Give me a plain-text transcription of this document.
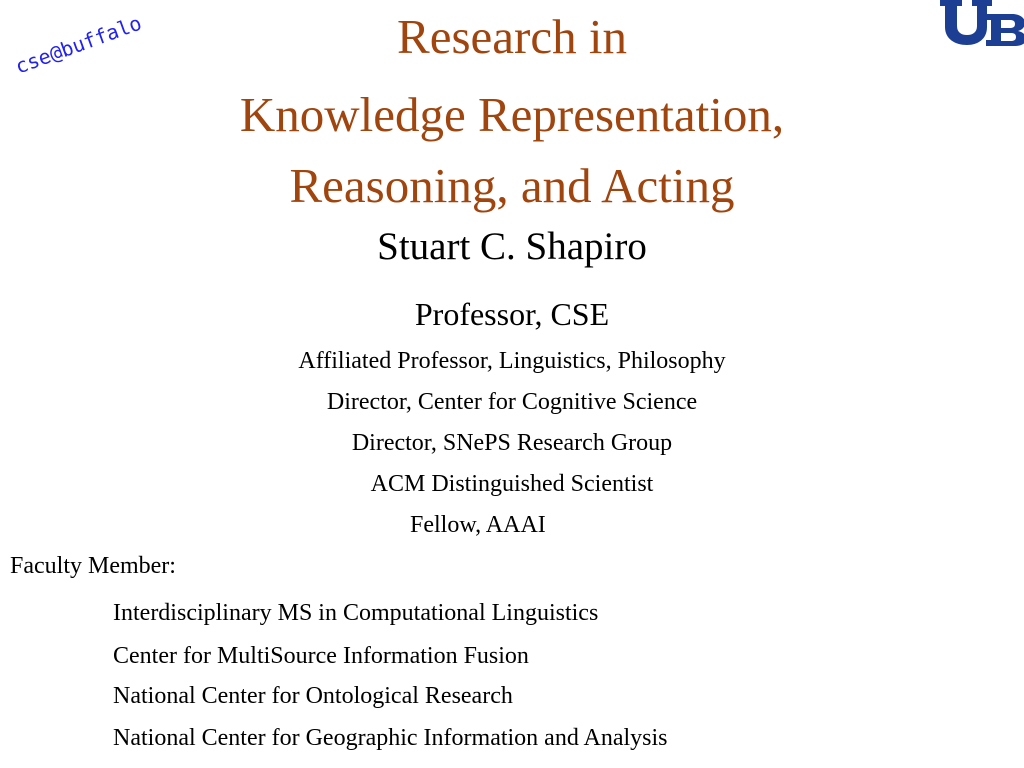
cse@buffalo	Research in
Knowledge Representation,
Reasoning, and Acting
Stuart C. Shapiro
Professor, CSE
Affiliated Professor, Linguistics, Philosophy
Director, Center for Cognitive Science
Director, SNePS Research Group
ACM Distinguished Scientist
Fellow, AAAI
Faculty Member:
Interdisciplinary MS in Computational Linguistics
Center for MultiSource Information Fusion
National Center for Ontological Research
National Center for Geographic Information and Analysis
